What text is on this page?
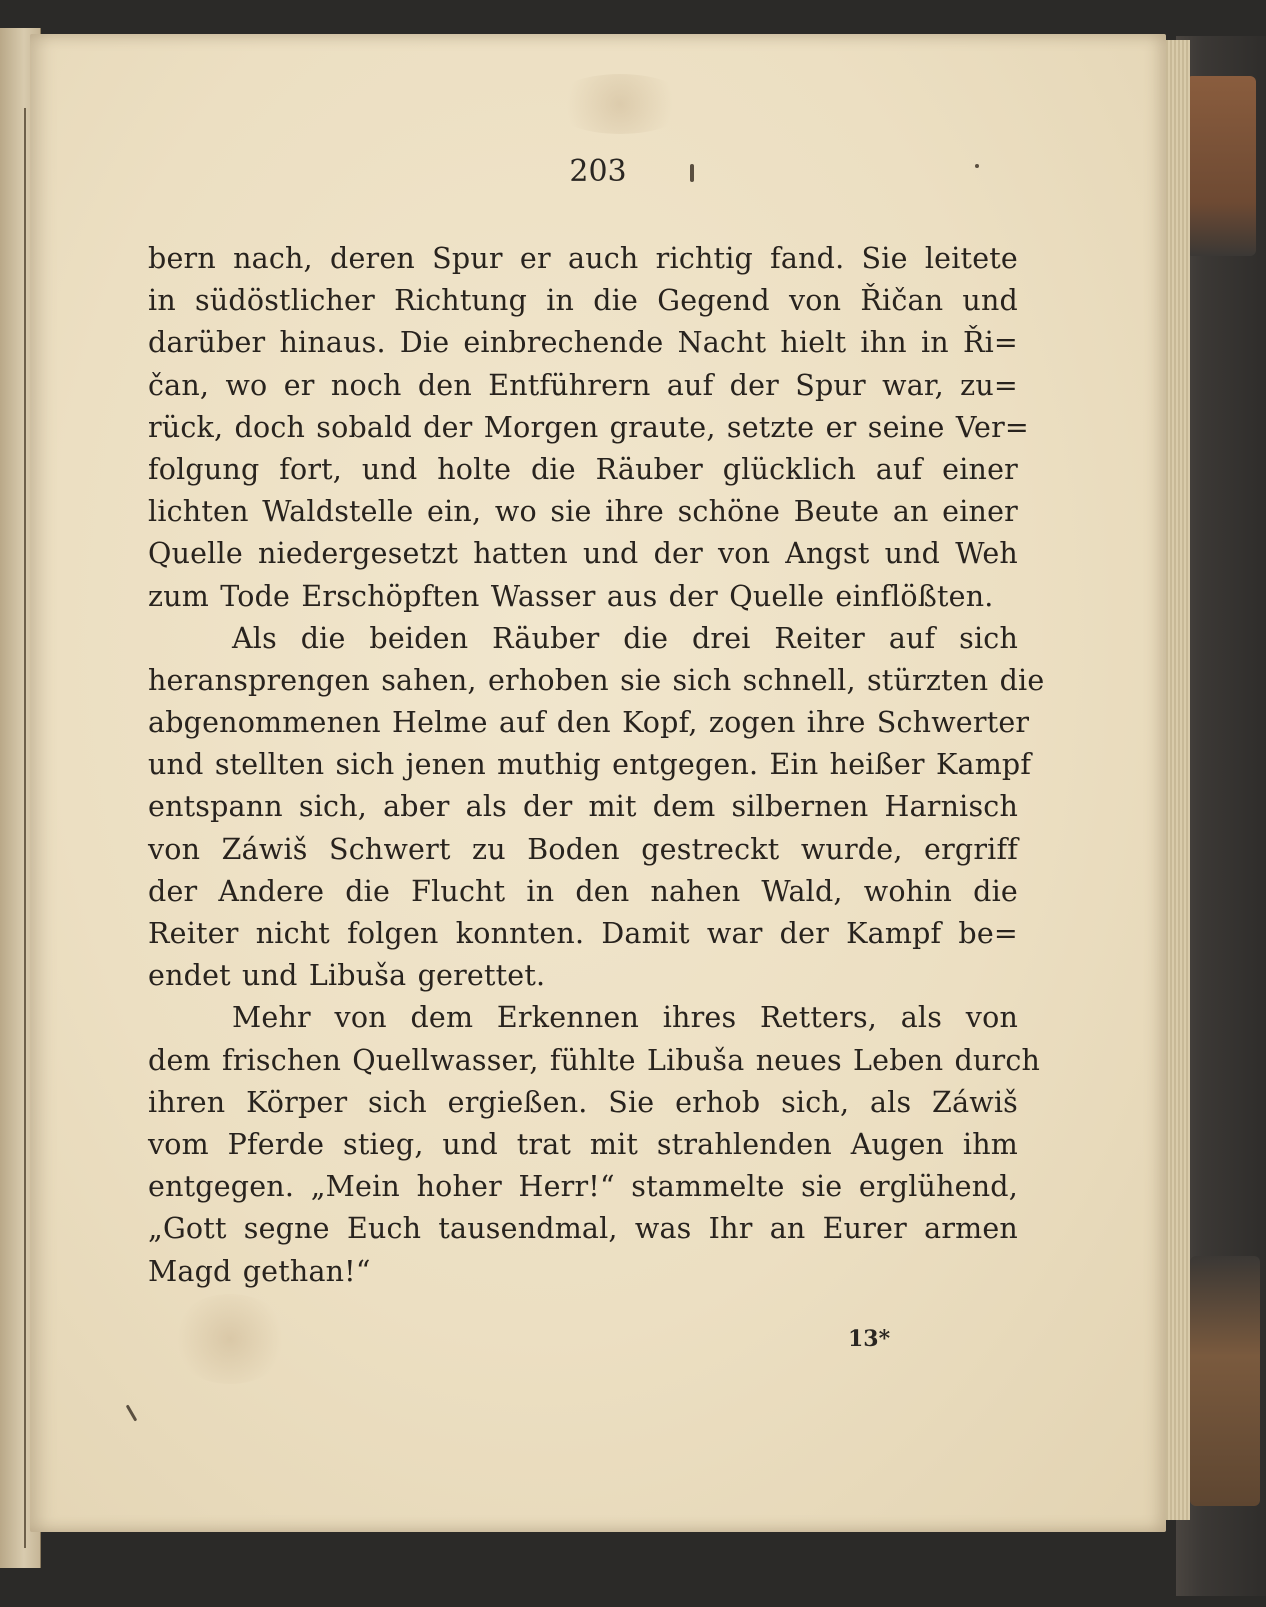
203

bern nach, deren Spur er auch richtig fand. Sie leitete
in südöstlicher Richtung in die Gegend von Řičan und
darüber hinaus. Die einbrechende Nacht hielt ihn in Ři=
čan, wo er noch den Entführern auf der Spur war, zu=
rück, doch sobald der Morgen graute, setzte er seine Ver=
folgung fort, und holte die Räuber glücklich auf einer
lichten Waldstelle ein, wo sie ihre schöne Beute an einer
Quelle niedergesetzt hatten und der von Angst und Weh
zum Tode Erschöpften Wasser aus der Quelle einflößten.
Als die beiden Räuber die drei Reiter auf sich
heransprengen sahen, erhoben sie sich schnell, stürzten die
abgenommenen Helme auf den Kopf, zogen ihre Schwerter
und stellten sich jenen muthig entgegen. Ein heißer Kampf
entspann sich, aber als der mit dem silbernen Harnisch
von Záwiš Schwert zu Boden gestreckt wurde, ergriff
der Andere die Flucht in den nahen Wald, wohin die
Reiter nicht folgen konnten. Damit war der Kampf be=
endet und Libuša gerettet.
Mehr von dem Erkennen ihres Retters, als von
dem frischen Quellwasser, fühlte Libuša neues Leben durch
ihren Körper sich ergießen. Sie erhob sich, als Záwiš
vom Pferde stieg, und trat mit strahlenden Augen ihm
entgegen. „Mein hoher Herr!“ stammelte sie erglühend,
„Gott segne Euch tausendmal, was Ihr an Eurer armen
Magd gethan!“

13*
